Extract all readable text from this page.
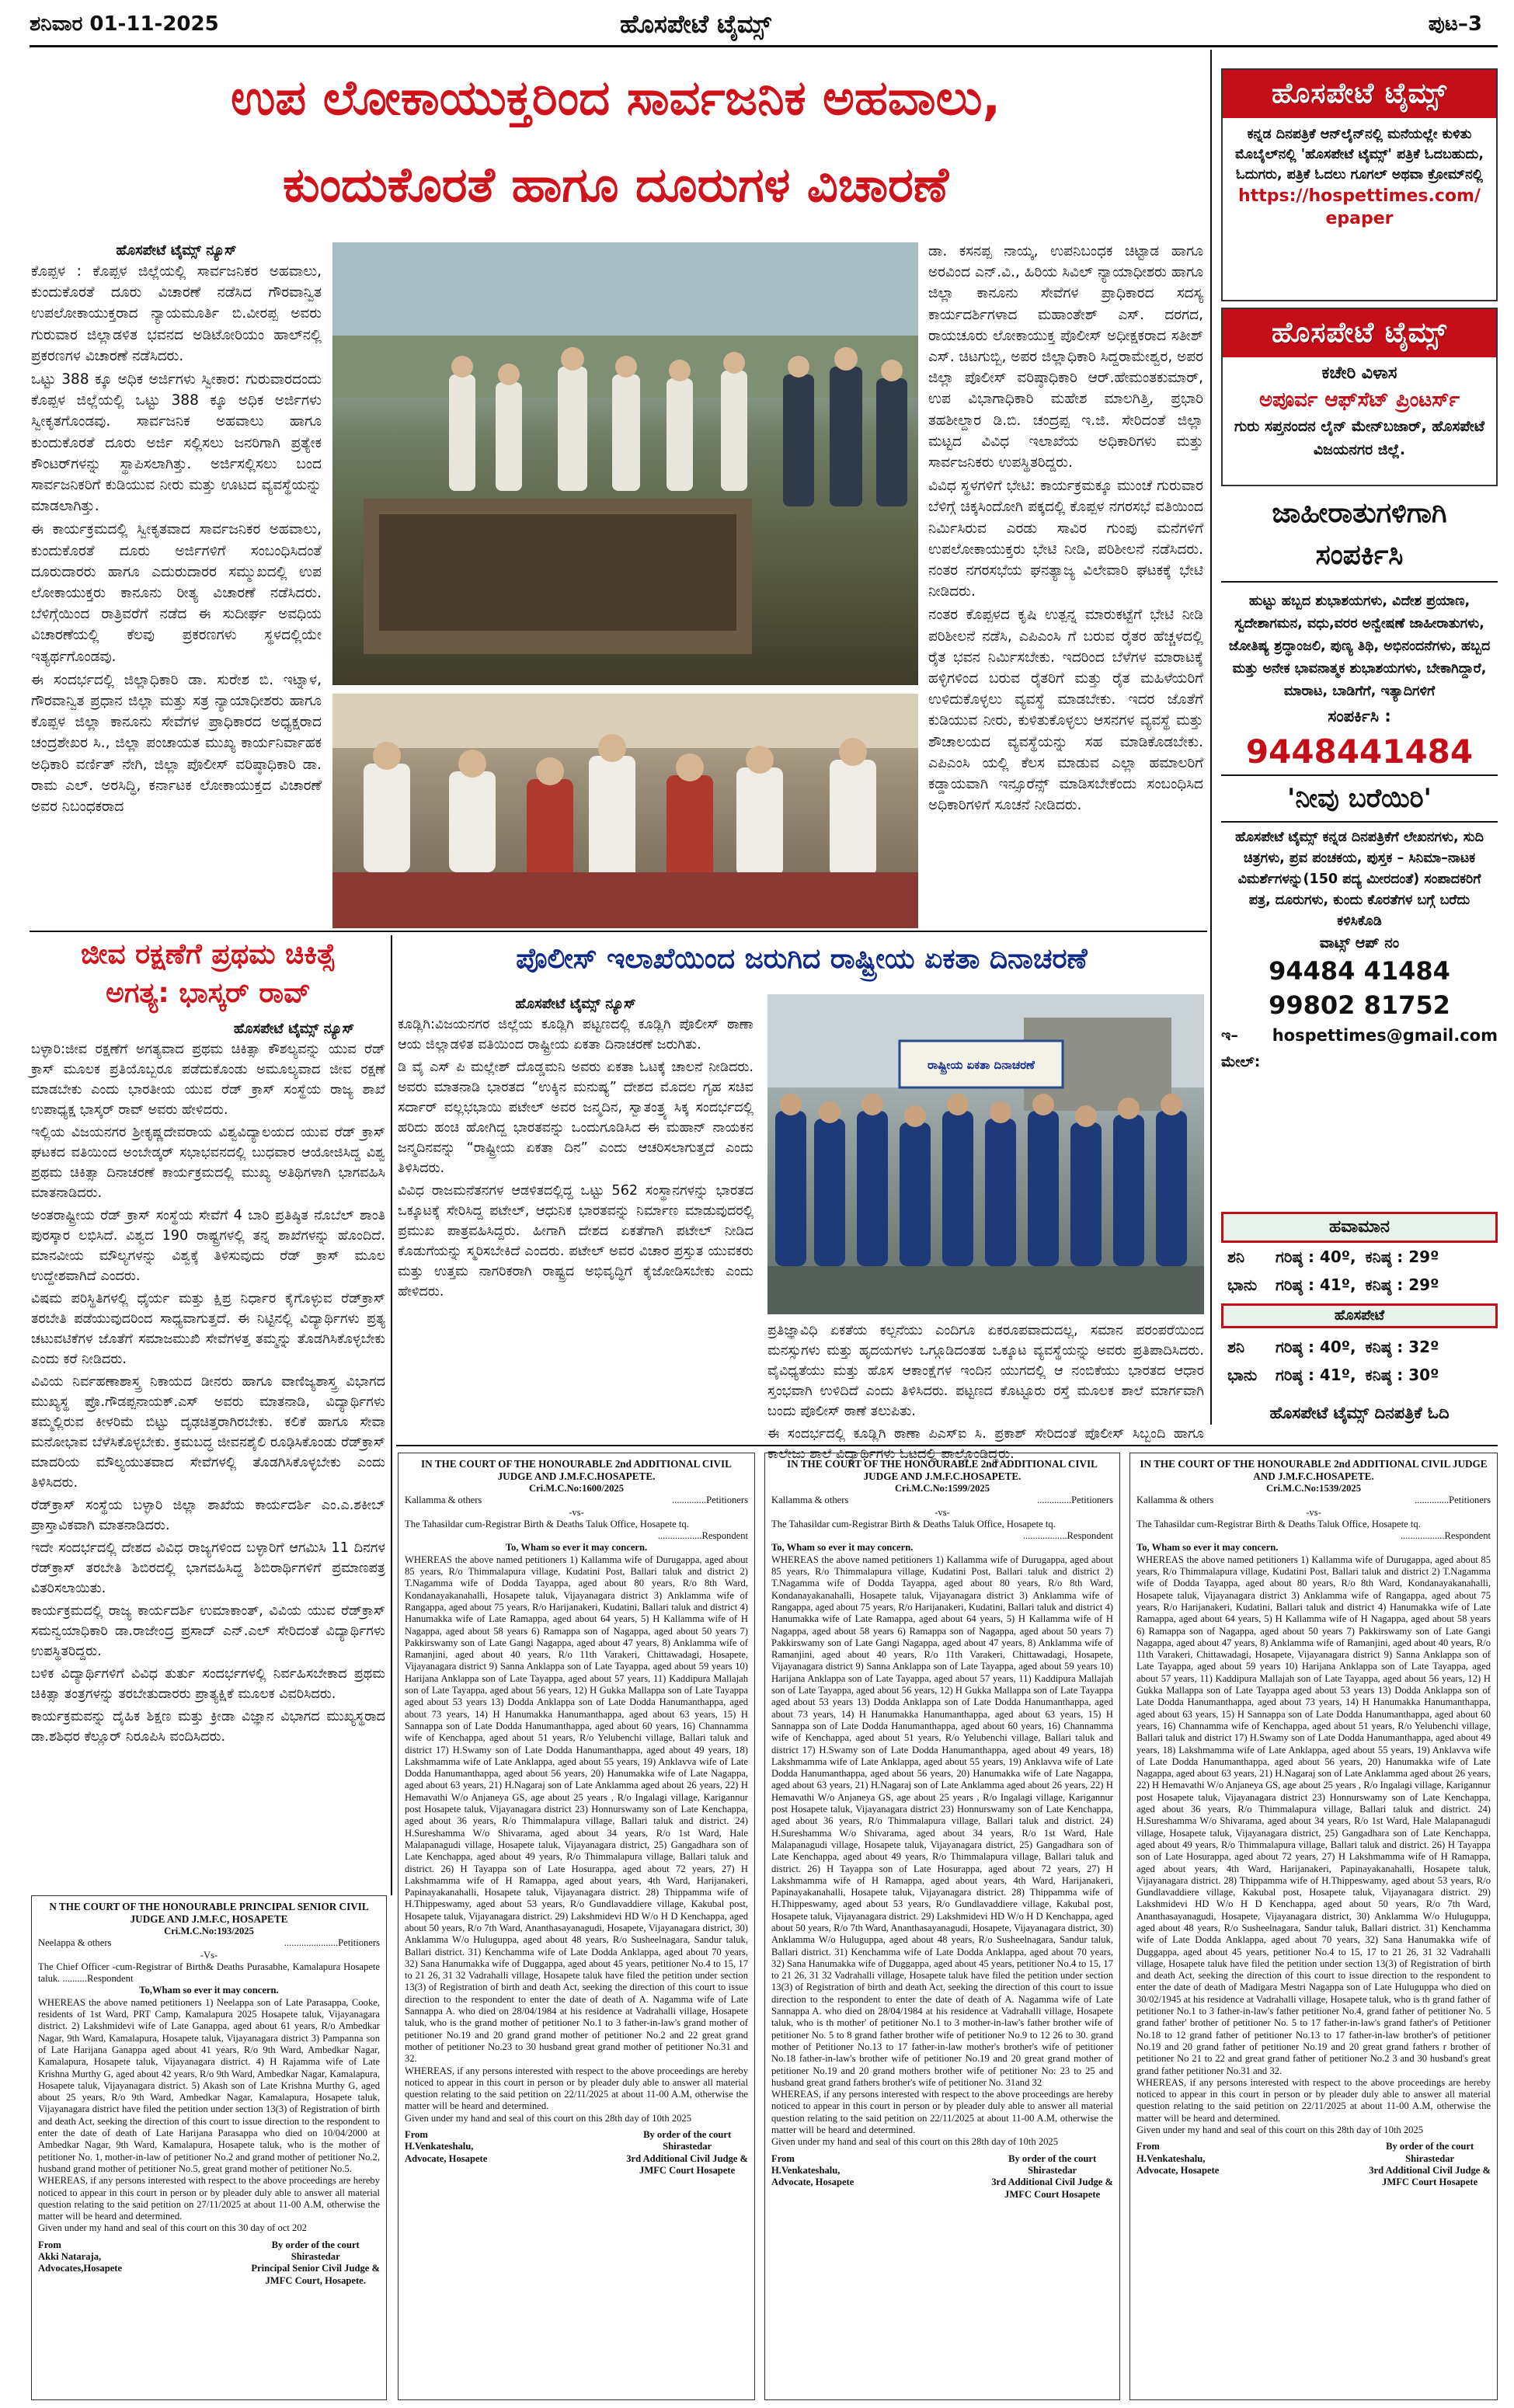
ಶನಿವಾರ 01-11-2025	ಹೊಸಪೇಟೆ ಟೈಮ್ಸ್	ಪುಟ–3
ಉಪ ಲೋಕಾಯುಕ್ತರಿಂದ ಸಾರ್ವಜನಿಕ ಅಹವಾಲು,
ಕುಂದುಕೊರತೆ ಹಾಗೂ ದೂರುಗಳ ವಿಚಾರಣೆ
ಹೊಸಪೇಟೆ ಟೈಮ್ಸ್ ನ್ಯೂಸ್

ಕೊಪ್ಪಳ : ಕೊಪ್ಪಳ ಜಿಲ್ಲೆಯಲ್ಲಿ ಸಾರ್ವಜನಿಕರ ಅಹವಾಲು, ಕುಂದುಕೊರತೆ ದೂರು ವಿಚಾರಣೆ ನಡೆಸಿದ ಗೌರವಾನ್ವಿತ ಉಪಲೋಕಾಯುಕ್ತರಾದ ನ್ಯಾಯಮೂರ್ತಿ ಬಿ.ವೀರಪ್ಪ ಅವರು ಗುರುವಾರ ಜಿಲ್ಲಾಡಳಿತ ಭವನದ ಅಡಿಟೋರಿಯಂ ಹಾಲ್‌ನಲ್ಲಿ ಪ್ರಕರಣಗಳ ವಿಚಾರಣೆ ನಡೆಸಿದರು.

ಒಟ್ಟು 388 ಕ್ಕೂ ಅಧಿಕ ಅರ್ಜಿಗಳು ಸ್ವೀಕಾರ: ಗುರುವಾರದಂದು ಕೊಪ್ಪಳ ಜಿಲ್ಲೆಯಲ್ಲಿ ಒಟ್ಟು 388 ಕ್ಕೂ ಅಧಿಕ ಅರ್ಜಿಗಳು ಸ್ವೀಕೃತಗೊಂಡವು. ಸಾರ್ವಜನಿಕ ಅಹವಾಲು ಹಾಗೂ ಕುಂದುಕೊರತೆ ದೂರು ಅರ್ಜಿ ಸಲ್ಲಿಸಲು ಜನರಿಗಾಗಿ ಪ್ರತ್ಯೇಕ ಕೌಂಟರ್‌ಗಳನ್ನು ಸ್ಥಾಪಿಸಲಾಗಿತ್ತು. ಅರ್ಜಿಸಲ್ಲಿಸಲು ಬಂದ ಸಾರ್ವಜನಿಕರಿಗೆ ಕುಡಿಯುವ ನೀರು ಮತ್ತು ಊಟದ ವ್ಯವಸ್ಥೆಯನ್ನು ಮಾಡಲಾಗಿತ್ತು.

ಈ ಕಾರ್ಯಕ್ರಮದಲ್ಲಿ ಸ್ವೀಕೃತವಾದ ಸಾರ್ವಜನಿಕರ ಅಹವಾಲು, ಕುಂದುಕೊರತೆ ದೂರು ಅರ್ಜಿಗಳಿಗೆ ಸಂಬಂಧಿಸಿದಂತೆ ದೂರುದಾರರು ಹಾಗೂ ಎದುರುದಾರರ ಸಮ್ಮುಖದಲ್ಲಿ ಉಪ ಲೋಕಾಯುಕ್ತರು ಕಾನೂನು ರೀತ್ಯ ವಿಚಾರಣೆ ನಡೆಸಿದರು. ಬೆಳಿಗ್ಗೆಯಿಂದ ರಾತ್ರಿವರೆಗೆ ನಡೆದ ಈ ಸುದೀರ್ಘ ಅವಧಿಯ ವಿಚಾರಣೆಯಲ್ಲಿ ಕೆಲವು ಪ್ರಕರಣಗಳು ಸ್ಥಳದಲ್ಲಿಯೇ ಇತ್ಯರ್ಥಗೊಂಡವು.

ಈ ಸಂದರ್ಭದಲ್ಲಿ ಜಿಲ್ಲಾಧಿಕಾರಿ ಡಾ. ಸುರೇಶ ಬಿ. ಇಟ್ನಾಳ, ಗೌರವಾನ್ವಿತ ಪ್ರಧಾನ ಜಿಲ್ಲಾ ಮತ್ತು ಸತ್ರ ನ್ಯಾಯಾಧೀಶರು ಹಾಗೂ ಕೊಪ್ಪಳ ಜಿಲ್ಲಾ ಕಾನೂನು ಸೇವೆಗಳ ಪ್ರಾಧಿಕಾರದ ಅಧ್ಯಕ್ಷರಾದ ಚಂದ್ರಶೇಖರ ಸಿ., ಜಿಲ್ಲಾ ಪಂಚಾಯತ ಮುಖ್ಯ ಕಾರ್ಯನಿರ್ವಾಹಕ ಅಧಿಕಾರಿ ವರ್ಣಿತ್ ನೇಗಿ, ಜಿಲ್ಲಾ ಪೊಲೀಸ್ ವರಿಷ್ಠಾಧಿಕಾರಿ ಡಾ. ರಾಮ ಎಲ್. ಅರಸಿದ್ಧಿ, ಕರ್ನಾಟಕ ಲೋಕಾಯುಕ್ತದ ವಿಚಾರಣೆ ಅವರ ನಿಬಂಧಕರಾದ

ಡಾ. ಕಸನಪ್ಪ ನಾಯ್ಕ, ಉಪನಿಬಂಧಕ ಚಿಟ್ಟಾಡ ಹಾಗೂ ಅರವಿಂದ ಎನ್.ವಿ., ಹಿರಿಯ ಸಿವಿಲ್ ನ್ಯಾಯಾಧೀಶರು ಹಾಗೂ ಜಿಲ್ಲಾ ಕಾನೂನು ಸೇವೆಗಳ ಪ್ರಾಧಿಕಾರದ ಸದಸ್ಯ ಕಾರ್ಯದರ್ಶಿಗಳಾದ ಮಹಾಂತೇಶ್ ಎಸ್. ದರಗದ, ರಾಯಚೂರು ಲೋಕಾಯುಕ್ತ ಪೊಲೀಸ್ ಅಧೀಕ್ಷಕರಾದ ಸತೀಶ್ ಎಸ್. ಚಿಟಗುಬ್ಬಿ, ಅಪರ ಜಿಲ್ಲಾಧಿಕಾರಿ ಸಿದ್ದರಾಮೇಶ್ವರ, ಅಪರ ಜಿಲ್ಲಾ ಪೊಲೀಸ್ ವರಿಷ್ಠಾಧಿಕಾರಿ ಆರ್.ಹೇಮಂತಕುಮಾರ್, ಉಪ ವಿಭಾಗಾಧಿಕಾರಿ ಮಹೇಶ ಮಾಲಗಿತ್ತಿ, ಪ್ರಭಾರಿ ತಹಶೀಲ್ದಾರ ಡಿ.ಬಿ. ಚಂದ್ರಪ್ಪ ಇ.ಜಿ. ಸೇರಿದಂತೆ ಜಿಲ್ಲಾ ಮಟ್ಟದ ವಿವಿಧ ಇಲಾಖೆಯ ಅಧಿಕಾರಿಗಳು ಮತ್ತು ಸಾರ್ವಜನಿಕರು ಉಪಸ್ಥಿತರಿದ್ದರು.

ವಿವಿಧ ಸ್ಥಳಗಳಿಗೆ ಭೇಟಿ: ಕಾರ್ಯಕ್ರಮಕ್ಕೂ ಮುಂಚೆ ಗುರುವಾರ ಬೆಳಿಗ್ಗೆ ಚಿಕ್ಕಸಿಂದೋಗಿ ಪಕ್ಕದಲ್ಲಿ ಕೊಪ್ಪಳ ನಗರಸಭೆ ವತಿಯಿಂದ ನಿರ್ಮಿಸಿರುವ ಎರಡು ಸಾವಿರ ಗುಂಪು ಮನೆಗಳಿಗೆ ಉಪಲೋಕಾಯುಕ್ತರು ಭೇಟಿ ನೀಡಿ, ಪರಿಶೀಲನೆ ನಡೆಸಿದರು. ನಂತರ ನಗರಸಭೆಯ ಘನತ್ಯಾಜ್ಯ ವಿಲೇವಾರಿ ಘಟಕಕ್ಕೆ ಭೇಟಿ ನೀಡಿದರು.

ನಂತರ ಕೊಪ್ಪಳದ ಕೃಷಿ ಉತ್ಪನ್ನ ಮಾರುಕಟ್ಟೆಗೆ ಭೇಟಿ ನೀಡಿ ಪರಿಶೀಲನೆ ನಡೆಸಿ, ಎಪಿಎಂಸಿ ಗೆ ಬರುವ ರೈತರ ಹೆಚ್ಚಳದಲ್ಲಿ ರೈತ ಭವನ ನಿರ್ಮಿಸಬೇಕು. ಇದರಿಂದ ಬೆಳೆಗಳ ಮಾರಾಟಕ್ಕೆ ಹಳ್ಳಿಗಳಿಂದ ಬರುವ ರೈತರಿಗೆ ಮತ್ತು ರೈತ ಮಹಿಳೆಯರಿಗೆ ಉಳಿದುಕೊಳ್ಳಲು ವ್ಯವಸ್ಥೆ ಮಾಡಬೇಕು. ಇದರ ಜೊತೆಗೆ ಕುಡಿಯುವ ನೀರು, ಕುಳಿತುಕೊಳ್ಳಲು ಆಸನಗಳ ವ್ಯವಸ್ಥೆ ಮತ್ತು ಶೌಚಾಲಯದ ವ್ಯವಸ್ಥೆಯನ್ನು ಸಹ ಮಾಡಿಕೊಡಬೇಕು. ಎಪಿಎಂಸಿ ಯಲ್ಲಿ ಕೆಲಸ ಮಾಡುವ ಎಲ್ಲಾ ಹಮಾಲರಿಗೆ ಕಡ್ಡಾಯವಾಗಿ ಇನ್ಸೂರೆನ್ಸ್ ಮಾಡಿಸಬೇಕೆಂದು ಸಂಬಂಧಿಸಿದ ಅಧಿಕಾರಿಗಳಿಗೆ ಸೂಚನೆ ನೀಡಿದರು.

ಜೀವ ರಕ್ಷಣೆಗೆ ಪ್ರಥಮ ಚಿಕಿತ್ಸೆ
ಅಗತ್ಯ: ಭಾಸ್ಕರ್ ರಾವ್
ಹೊಸಪೇಟೆ ಟೈಮ್ಸ್ ನ್ಯೂಸ್

ಬಳ್ಳಾರಿ:ಜೀವ ರಕ್ಷಣೆಗೆ ಅಗತ್ಯವಾದ ಪ್ರಥಮ ಚಿಕಿತ್ಸಾ ಕೌಶಲ್ಯವನ್ನು ಯುವ ರೆಡ್ ಕ್ರಾಸ್ ಮೂಲಕ ಪ್ರತಿಯೊಬ್ಬರೂ ಪಡೆದುಕೊಂಡು ಅಮೂಲ್ಯವಾದ ಜೀವ ರಕ್ಷಣೆ ಮಾಡಬೇಕು ಎಂದು ಭಾರತೀಯ ಯುವ ರೆಡ್ ಕ್ರಾಸ್ ಸಂಸ್ಥೆಯ ರಾಜ್ಯ ಶಾಖೆ ಉಪಾಧ್ಯಕ್ಷ ಭಾಸ್ಕರ್ ರಾವ್ ಅವರು ಹೇಳಿದರು.

ಇಲ್ಲಿಯ ವಿಜಯನಗರ ಶ್ರೀಕೃಷ್ಣದೇವರಾಯ ವಿಶ್ವವಿದ್ಯಾಲಯದ ಯುವ ರೆಡ್ ಕ್ರಾಸ್ ಘಟಕದ ವತಿಯಿಂದ ಅಂಬೇಡ್ಕರ್ ಸಭಾಭವನದಲ್ಲಿ ಬುಧವಾರ ಆಯೋಜಿಸಿದ್ದ ವಿಶ್ವ ಪ್ರಥಮ ಚಿಕಿತ್ಸಾ ದಿನಾಚರಣೆ ಕಾರ್ಯಕ್ರಮದಲ್ಲಿ ಮುಖ್ಯ ಅತಿಥಿಗಳಾಗಿ ಭಾಗವಹಿಸಿ ಮಾತನಾಡಿದರು.

ಅಂತರಾಷ್ಟ್ರೀಯ ರೆಡ್ ಕ್ರಾಸ್ ಸಂಸ್ಥೆಯ ಸೇವೆಗೆ 4 ಬಾರಿ ಪ್ರತಿಷ್ಠಿತ ನೊಬೆಲ್ ಶಾಂತಿ ಪುರಸ್ಕಾರ ಲಭಿಸಿದೆ. ವಿಶ್ವದ 190 ರಾಷ್ಟ್ರಗಳಲ್ಲಿ ತನ್ನ ಶಾಖೆಗಳನ್ನು ಹೊಂದಿದೆ. ಮಾನವೀಯ ಮೌಲ್ಯಗಳನ್ನು ವಿಶ್ವಕ್ಕೆ ತಿಳಿಸುವುದು ರೆಡ್ ಕ್ರಾಸ್ ಮೂಲ ಉದ್ದೇಶವಾಗಿದೆ ಎಂದರು.

ವಿಷಮ ಪರಿಸ್ಥಿತಿಗಳಲ್ಲಿ ಧೈರ್ಯ ಮತ್ತು ಕ್ಷಿಪ್ರ ನಿರ್ಧಾರ ಕೈಗೊಳ್ಳುವ ರೆಡ್‌ಕ್ರಾಸ್ ತರಬೇತಿ ಪಡೆಯುವುದರಿಂದ ಸಾಧ್ಯವಾಗುತ್ತದೆ. ಈ ನಿಟ್ಟಿನಲ್ಲಿ ವಿದ್ಯಾರ್ಥಿಗಳು ಪ್ರತ್ಯ ಚಟುವಟಿಕೆಗಳ ಜೊತೆಗೆ ಸಮಾಜಮುಖಿ ಸೇವೆಗಳತ್ತ ತಮ್ಮನ್ನು ತೊಡಗಿಸಿಕೊಳ್ಳಬೇಕು ಎಂದು ಕರೆ ನೀಡಿದರು.

ವಿವಿಯ ನಿರ್ವಹಣಾಶಾಸ್ತ್ರ ನಿಕಾಯದ ಡೀನರು ಹಾಗೂ ವಾಣಿಜ್ಯಶಾಸ್ತ್ರ ವಿಭಾಗದ ಮುಖ್ಯಸ್ಥ ಪ್ರೊ.ಗೌಡಪ್ಪನಾಯಕ್.ಎಸ್ ಅವರು ಮಾತನಾಡಿ, ವಿದ್ಯಾರ್ಥಿಗಳು ತಮ್ಮಲ್ಲಿರುವ ಕೀಳರಿಮೆ ಬಿಟ್ಟು ದೃಢಚಿತ್ತರಾಗಿರಬೇಕು. ಕಲಿಕೆ ಹಾಗೂ ಸೇವಾ ಮನೋಭಾವ ಬೆಳೆಸಿಕೊಳ್ಳಬೇಕು. ಕ್ರಮಬದ್ಧ ಜೀವನಶೈಲಿ ರೂಢಿಸಿಕೊಂಡು ರೆಡ್‌ಕ್ರಾಸ್ ಮಾದರಿಯ ಮೌಲ್ಯಯುತವಾದ ಸೇವೆಗಳಲ್ಲಿ ತೊಡಗಿಸಿಕೊಳ್ಳಬೇಕು ಎಂದು ತಿಳಿಸಿದರು.

ರೆಡ್‌ಕ್ರಾಸ್ ಸಂಸ್ಥೆಯ ಬಳ್ಳಾರಿ ಜಿಲ್ಲಾ ಶಾಖೆಯ ಕಾರ್ಯದರ್ಶಿ ಎಂ.ಎ.ಶಕೀಬ್ ಪ್ರಾಸ್ತಾವಿಕವಾಗಿ ಮಾತನಾಡಿದರು.

ಇದೇ ಸಂದರ್ಭದಲ್ಲಿ ದೇಶದ ವಿವಿಧ ರಾಜ್ಯಗಳಿಂದ ಬಳ್ಳಾರಿಗೆ ಆಗಮಿಸಿ 11 ದಿನಗಳ ರೆಡ್‌ಕ್ರಾಸ್ ತರಬೇತಿ ಶಿಬಿರದಲ್ಲಿ ಭಾಗವಹಿಸಿದ್ದ ಶಿಬಿರಾರ್ಥಿಗಳಿಗೆ ಪ್ರಮಾಣಪತ್ರ ವಿತರಿಸಲಾಯಿತು.

ಕಾರ್ಯಕ್ರಮದಲ್ಲಿ ರಾಜ್ಯ ಕಾರ್ಯದರ್ಶಿ ಉಮಾಕಾಂತ್, ವಿವಿಯ ಯುವ ರೆಡ್‌ಕ್ರಾಸ್ ಸಮನ್ವಯಾಧಿಕಾರಿ ಡಾ.ರಾಜೇಂದ್ರ ಪ್ರಸಾದ್ ಎನ್.ಎಲ್ ಸೇರಿದಂತೆ ವಿದ್ಯಾರ್ಥಿಗಳು ಉಪಸ್ಥಿತರಿದ್ದರು.

ಬಳಿಕ ವಿದ್ಯಾರ್ಥಿಗಳಿಗೆ ವಿವಿಧ ತುರ್ತು ಸಂದರ್ಭಗಳಲ್ಲಿ ನಿರ್ವಹಿಸಬೇಕಾದ ಪ್ರಥಮ ಚಿಕಿತ್ಸಾ ತಂತ್ರಗಳನ್ನು ತರಬೇತುದಾರರು ಪ್ರಾತ್ಯಕ್ಷಿಕೆ ಮೂಲಕ ವಿವರಿಸಿದರು.

ಕಾರ್ಯಕ್ರಮವನ್ನು ದೈಹಿಕ ಶಿಕ್ಷಣ ಮತ್ತು ಕ್ರೀಡಾ ವಿಜ್ಞಾನ ವಿಭಾಗದ ಮುಖ್ಯಸ್ಥರಾದ ಡಾ.ಶಶಿಧರ ಕೆಲ್ಲೂರ್ ನಿರೂಪಿಸಿ ವಂದಿಸಿದರು.

ಪೊಲೀಸ್ ಇಲಾಖೆಯಿಂದ ಜರುಗಿದ ರಾಷ್ಟ್ರೀಯ ಏಕತಾ ದಿನಾಚರಣೆ
ಹೊಸಪೇಟೆ ಟೈಮ್ಸ್ ನ್ಯೂಸ್

ಕೂಡ್ಲಿಗಿ:ವಿಜಯನಗರ ಜಿಲ್ಲೆಯ ಕೂಡ್ಲಿಗಿ ಪಟ್ಟಣದಲ್ಲಿ ಕೂಡ್ಲಿಗಿ ಪೊಲೀಸ್ ಠಾಣಾ ಆಯ ಜಿಲ್ಲಾಡಳಿತ ವತಿಯಿಂದ ರಾಷ್ಟ್ರೀಯ ಏಕತಾ ದಿನಾಚರಣೆ ಜರುಗಿತು.

ಡಿ ವೈ ಎಸ್ ಪಿ ಮಲ್ಲೇಶ್ ದೊಡ್ಡಮನಿ ಅವರು ಏಕತಾ ಓಟಕ್ಕೆ ಚಾಲನೆ ನೀಡಿದರು. ಅವರು ಮಾತನಾಡಿ ಭಾರತದ “ಉಕ್ಕಿನ ಮನುಷ್ಯ” ದೇಶದ ಮೊದಲ ಗೃಹ ಸಚಿವ ಸರ್ದಾರ್ ವಲ್ಲಭಭಾಯಿ ಪಟೇಲ್ ಅವರ ಜನ್ಮದಿನ, ಸ್ವಾತಂತ್ರ್ಯ ಸಿಕ್ಕ ಸಂದರ್ಭದಲ್ಲಿ ಹರಿದು ಹಂಚಿ ಹೋಗಿದ್ದ ಭಾರತವನ್ನು ಒಂದುಗೂಡಿಸಿದ ಈ ಮಹಾನ್ ನಾಯಕನ ಜನ್ಮದಿನವನ್ನು “ರಾಷ್ಟ್ರೀಯ ಏಕತಾ ದಿನ” ಎಂದು ಆಚರಿಸಲಾಗುತ್ತದೆ ಎಂದು ತಿಳಿಸಿದರು.

ವಿವಿಧ ರಾಜಮನೆತನಗಳ ಆಡಳಿತದಲ್ಲಿದ್ದ ಒಟ್ಟು 562 ಸಂಸ್ಥಾನಗಳನ್ನು ಭಾರತದ ಒಕ್ಕೂಟಕ್ಕೆ ಸೇರಿಸಿದ್ದ ಪಟೇಲ್, ಆಧುನಿಕ ಭಾರತವನ್ನು ನಿರ್ಮಾಣ ಮಾಡುವುದರಲ್ಲಿ ಪ್ರಮುಖ ಪಾತ್ರವಹಿಸಿದ್ದರು. ಹೀಗಾಗಿ ದೇಶದ ಏಕತೆಗಾಗಿ ಪಟೇಲ್ ನೀಡಿದ ಕೊಡುಗೆಯನ್ನು ಸ್ಮರಿಸಬೇಕಿದೆ ಎಂದರು. ಪಟೇಲ್ ಅವರ ವಿಚಾರ ಪ್ರಸ್ತುತ ಯುವಕರು ಮತ್ತು ಉತ್ತಮ ನಾಗರಿಕರಾಗಿ ರಾಷ್ಟ್ರದ ಅಭಿವೃದ್ಧಿಗೆ ಕೈಜೋಡಿಸಬೇಕು ಎಂದು ಹೇಳಿದರು.

ರಾಷ್ಟ್ರೀಯ ಏಕತಾ ದಿನಾಚರಣೆ

ಪ್ರತಿಜ್ಞಾವಿಧಿ ಏಕತೆಯ ಕಲ್ಪನೆಯು ಎಂದಿಗೂ ಏಕರೂಪವಾದುದಲ್ಲ, ಸಮಾನ ಪರಂಪರೆಯಿಂದ ಮನಸ್ಸುಗಳು ಮತ್ತು ಹೃದಯಗಳು ಒಗ್ಗೂಡಿದಂತಹ ಒಕ್ಕೂಟ ವ್ಯವಸ್ಥೆಯನ್ನು ಅವರು ಪ್ರತಿಪಾದಿಸಿದರು. ವೈವಿಧ್ಯತೆಯು ಮತ್ತು ಹೊಸ ಆಕಾಂಕ್ಷೆಗಳ ಇಂದಿನ ಯುಗದಲ್ಲಿ ಆ ನಂಬಿಕೆಯು ಭಾರತದ ಆಧಾರ ಸ್ತಂಭವಾಗಿ ಉಳಿದಿದೆ ಎಂದು ತಿಳಿಸಿದರು. ಪಟ್ಟಣದ ಕೊಟ್ಟೂರು ರಸ್ತೆ ಮೂಲಕ ಶಾಲೆ ಮಾರ್ಗವಾಗಿ ಬಂದು ಪೊಲೀಸ್ ಠಾಣೆ ತಲುಪಿತು.

ಈ ಸಂದರ್ಭದಲ್ಲಿ ಕೂಡ್ಲಿಗಿ ಠಾಣಾ ಪಿಎಸ್‌ಐ ಸಿ. ಪ್ರಕಾಶ್ ಸೇರಿದಂತೆ ಪೊಲೀಸ್ ಸಿಬ್ಬಂದಿ ಹಾಗೂ ಕಾಲೇಜು ಶಾಲೆ ವಿದ್ಯಾರ್ಥಿಗಳು ಓಟದಲ್ಲಿ ಪಾಲ್ಗೊಂಡಿದ್ದರು.

ಹೊಸಪೇಟೆ ಟೈಮ್ಸ್
ಕನ್ನಡ ದಿನಪತ್ರಿಕೆ ಆನ್‌ಲೈನ್‌ನಲ್ಲಿ ಮನೆಯಲ್ಲೇ ಕುಳಿತು ಮೊಬೈಲ್‌ನಲ್ಲಿ 'ಹೊಸಪೇಟೆ ಟೈಮ್ಸ್' ಪತ್ರಿಕೆ ಓದಬಹುದು, ಓದುಗರು, ಪತ್ರಿಕೆ ಓದಲು ಗೂಗಲ್ ಅಥವಾ ಕ್ರೋಮ್‌ನಲ್ಲಿ
https://hospettimes.com/
epaper
ಹೊಸಪೇಟೆ ಟೈಮ್ಸ್
ಕಚೇರಿ ವಿಳಾಸ
ಅಪೂರ್ವ ಆಫ್‌ಸೆಟ್ ಪ್ರಿಂಟರ್ಸ್
ಗುರು ಸಪ್ತನಂದನ ಲೈನ್ ಮೇನ್‌ಬಜಾರ್, ಹೊಸಪೇಟೆ ವಿಜಯನಗರ ಜಿಲ್ಲೆ.
ಜಾಹೀರಾತುಗಳಿಗಾಗಿ
ಸಂಪರ್ಕಿಸಿ
ಹುಟ್ಟು ಹಬ್ಬದ ಶುಭಾಶಯಗಳು, ವಿದೇಶ ಪ್ರಯಾಣ, ಸ್ವದೇಶಾಗಮನ, ವಧು,ವರರ ಅನ್ವೇಷಣೆ ಜಾಹೀರಾತುಗಳು, ಜೋತಿಷ್ಯ ಶ್ರದ್ಧಾಂಜಲಿ, ಪುಣ್ಯ ತಿಥಿ, ಅಭಿನಂದನೆಗಳು, ಹಬ್ಬದ ಮತ್ತು ಅನೇಕ ಭಾವನಾತ್ಮಕ ಶುಭಾಶಯಗಳು, ಬೇಕಾಗಿದ್ದಾರೆ, ಮಾರಾಟ, ಬಾಡಿಗೆಗೆ, ಇತ್ಯಾದಿಗಳಿಗೆ
ಸಂಪರ್ಕಿಸಿ :
9448441484
'ನೀವು ಬರೆಯಿರಿ'
ಹೊಸಪೇಟೆ ಟೈಮ್ಸ್ ಕನ್ನಡ ದಿನಪತ್ರಿಕೆಗೆ ಲೇಖನಗಳು, ಸುದಿ ಚಿತ್ರಗಳು, ಪ್ರವ ಪಂಚಕಯ, ಪುಸ್ತಕ – ಸಿನಿಮಾ–ನಾಟಕ ವಿಮರ್ಶೆಗಳನ್ನು(150 ಪದ್ಯ ಮೀರದಂತೆ) ಸಂಪಾದಕರಿಗೆ ಪತ್ರ, ದೂರುಗಳು, ಕುಂದು ಕೊರತೆಗಳ ಬಗ್ಗೆ ಬರೆದು ಕಳಿಸಿಕೊಡಿ
ವಾಟ್ಸ್ ಆಪ್ ನಂ
94484 41484
99802 81752
ಇ–ಮೇಲ್:
hospettimes@gmail.com
ಹವಾಮಾನ
ಶನಿ	ಗರಿಷ್ಠ : 40º, ಕನಿಷ್ಠ : 29º
ಭಾನು	ಗರಿಷ್ಠ : 41º, ಕನಿಷ್ಠ : 29º
ಹೊಸಪೇಟೆ
ಶನಿ	ಗರಿಷ್ಠ : 40º, ಕನಿಷ್ಠ : 32º
ಭಾನು	ಗರಿಷ್ಠ : 41º, ಕನಿಷ್ಠ : 30º
ಹೊಸಪೇಟೆ ಟೈಮ್ಸ್ ದಿನಪತ್ರಿಕೆ ಓದಿ
N THE COURT OF THE HONOURABLE PRINCIPAL SENIOR CIVIL JUDGE AND J.M.F.C, HOSAPETE
Cri.M.C.No:193/2025
Neelappa & others	......................Petitioners
-Vs-
The Chief Officer -cum-Registrar of Birth& Deaths Purasabhe, Kamalapura Hosapete taluk. ..........Respondent
To,Wham so ever it may concern.
WHEREAS the above named petitioners 1) Neelappa son of Late Parasappa, Cooke, residents of 1st Ward, PRT Camp, Kamalapura 2025 Hosapete taluk, Vijayanagara district. 2) Lakshmidevi wife of Late Ganappa, aged about 61 years, R/o Ambedkar Nagar, 9th Ward, Kamalapura, Hosapete taluk, Vijayanagara district 3) Pampanna son of Late Harijana Ganappa aged about 41 years, R/o 9th Ward, Ambedkar Nagar, Kamalapura, Hosapete taluk, Vijayanagara district. 4) H Rajamma wife of Late Krishna Murthy G, aged about 42 years, R/o 9th Ward, Ambedkar Nagar, Kamalapura, Hosapete taluk, Vijayanagara district. 5) Akash son of Late Krishna Murthy G, aged about 25 years, R/o 9th Ward, Ambedkar Nagar, Kamalapura, Hosapete taluk, Vijayanagara district have filed the petition under section 13(3) of Registration of birth and death Act, seeking the direction of this court to issue direction to the respondent to enter the date of death of Late Harijana Parasappa who died on 10/04/2000 at Ambedkar Nagar, 9th Ward, Kamalapura, Hosapete taluk, who is the mother of petitioner No. 1, mother-in-law of petitioner No.2 and grand mother of petitioner No.2, husband grand mother of petitioner No.5, great grand mother of petitioner No.5.
WHEREAS, if any persons interested with respect to the above proceedings are hereby noticed to appear in this court in person or by pleader duly able to answer all material question relating to the said petition on 27/11/2025 at about 11-00 A.M, otherwise the matter will be heard and determined.
Given under my hand and seal of this court on this 30 day of oct 202
From
Akki Nataraja,
Advocates,Hosapete
By order of the court
Shirastedar
Principal Senior Civil Judge &
JMFC Court, Hosapete.
IN THE COURT OF THE HONOURABLE 2nd ADDITIONAL CIVIL JUDGE AND J.M.F.C.HOSAPETE.
Cri.M.C.No:1600/2025
Kallamma & others	..............Petitioners
-vs-
The Tahasildar cum-Registrar Birth & Deaths Taluk Office, Hosapete tq.
..................Respondent
To, Wham so ever it may concern.
WHEREAS the above named petitioners 1) Kallamma wife of Durugappa, aged about 85 years, R/o Thimmalapura village, Kudatini Post, Ballari taluk and district 2) T.Nagamma wife of Dodda Tayappa, aged about 80 years, R/o 8th Ward, Kondanayakanahalli, Hosapete taluk, Vijayanagara district 3) Anklamma wife of Rangappa, aged about 75 years, R/o Harijanakeri, Kudatini, Ballari taluk and district 4) Hanumakka wife of Late Ramappa, aged about 64 years, 5) H Kallamma wife of H Nagappa, aged about 58 years 6) Ramappa son of Nagappa, aged about 50 years 7) Pakkirswamy son of Late Gangi Nagappa, aged about 47 years, 8) Anklamma wife of Ramanjini, aged about 40 years, R/o 11th Varakeri, Chittawadagi, Hosapete, Vijayanagara district 9) Sanna Anklappa son of Late Tayappa, aged about 59 years 10) Harijana Anklappa son of Late Tayappa, aged about 57 years, 11) Kaddipura Mallajah son of Late Tayappa, aged about 56 years, 12) H Gukka Mallappa son of Late Tayappa aged about 53 years 13) Dodda Anklappa son of Late Dodda Hanumanthappa, aged about 73 years, 14) H Hanumakka Hanumanthappa, aged about 63 years, 15) H Sannappa son of Late Dodda Hanumanthappa, aged about 60 years, 16) Channamma wife of Kenchappa, aged about 51 years, R/o Yelubenchi village, Ballari taluk and district 17) H.Swamy son of Late Dodda Hanumanthappa, aged about 49 years, 18) Lakshmamma wife of Late Anklappa, aged about 55 years, 19) Anklavva wife of Late Dodda Hanumanthappa, aged about 56 years, 20) Hanumakka wife of Late Nagappa, aged about 63 years, 21) H.Nagaraj son of Late Anklamma aged about 26 years, 22) H Hemavathi W/o Anjaneya GS, age about 25 years , R/o Ingalagi village, Karigannur post Hosapete taluk, Vijayanagara district 23) Honnurswamy son of Late Kenchappa, aged about 36 years, R/o Thimmalapura village, Ballari taluk and district. 24) H.Sureshamma W/o Shivarama, aged about 34 years, R/o 1st Ward, Hale Malapanagudi village, Hosapete taluk, Vijayanagara district, 25) Gangadhara son of Late Kenchappa, aged about 49 years, R/o Thimmalapura village, Ballari taluk and district. 26) H Tayappa son of Late Hosurappa, aged about 72 years, 27) H Lakshmamma wife of H Ramappa, aged about years, 4th Ward, Harijanakeri, Papinayakanahalli, Hosapete taluk, Vijayanagara district. 28) Thippamma wife of H.Thippeswamy, aged about 53 years, R/o Gundlavaddiere village, Kakubal post, Hosapete taluk, Vijayanagara district. 29) Lakshmidevi HD W/o H D Kenchappa, aged about 50 years, R/o 7th Ward, Ananthasayanagudi, Hosapete, Vijayanagara district, 30) Anklamma W/o Huluguppa, aged about 48 years, R/o Susheelnagara, Sandur taluk, Ballari district. 31) Kenchamma wife of Late Dodda Anklappa, aged about 70 years, 32) Sana Hanumakka wife of Duggappa, aged about 45 years, petitioner No.4 to 15, 17 to 21 26, 31 32 Vadrahalli village, Hosapete taluk have filed the petition under section 13(3) of Registration of birth and death Act, seeking the direction of this court to issue direction to the respondent to enter the date of death of A. Nagamma wife of Late Sannappa A. who died on 28/04/1984 at his residence at Vadrahalli village, Hosapete taluk, who is the grand mother of petitioner No.1 to 3 father-in-law's grand mother of petitioner No.19 and 20 grand grand mother of petitioner No.2 and 22 great grand mother of petitioner No.23 to 30 husband great grand mother of petitioner No.31 and 32.
WHEREAS, if any persons interested with respect to the above proceedings are hereby noticed to appear in this court in person or by pleader duly able to answer all material question relating to the said petition on 22/11/2025 at about 11-00 A.M, otherwise the matter will be heard and determined.
Given under my hand and seal of this court on this 28th day of 10th 2025
From
H.Venkateshalu,
Advocate, Hosapete
By order of the court
Shirastedar
3rd Additional Civil Judge &
JMFC Court Hosapete
IN THE COURT OF THE HONOURABLE 2nd ADDITIONAL CIVIL JUDGE AND J.M.F.C.HOSAPETE.
Cri.M.C.No:1599/2025
Kallamma & others	..............Petitioners
-vs-
The Tahasildar cum-Registrar Birth & Deaths Taluk Office, Hosapete tq.
..................Respondent
To, Wham so ever it may concern.
WHEREAS the above named petitioners 1) Kallamma wife of Durugappa, aged about 85 years, R/o Thimmalapura village, Kudatini Post, Ballari taluk and district 2) T.Nagamma wife of Dodda Tayappa, aged about 80 years, R/o 8th Ward, Kondanayakanahalli, Hosapete taluk, Vijayanagara district 3) Anklamma wife of Rangappa, aged about 75 years, R/o Harijanakeri, Kudatini, Ballari taluk and district 4) Hanumakka wife of Late Ramappa, aged about 64 years, 5) H Kallamma wife of H Nagappa, aged about 58 years 6) Ramappa son of Nagappa, aged about 50 years 7) Pakkirswamy son of Late Gangi Nagappa, aged about 47 years, 8) Anklamma wife of Ramanjini, aged about 40 years, R/o 11th Varakeri, Chittawadagi, Hosapete, Vijayanagara district 9) Sanna Anklappa son of Late Tayappa, aged about 59 years 10) Harijana Anklappa son of Late Tayappa, aged about 57 years, 11) Kaddipura Mallajah son of Late Tayappa, aged about 56 years, 12) H Gukka Mallappa son of Late Tayappa aged about 53 years 13) Dodda Anklappa son of Late Dodda Hanumanthappa, aged about 73 years, 14) H Hanumakka Hanumanthappa, aged about 63 years, 15) H Sannappa son of Late Dodda Hanumanthappa, aged about 60 years, 16) Channamma wife of Kenchappa, aged about 51 years, R/o Yelubenchi village, Ballari taluk and district 17) H.Swamy son of Late Dodda Hanumanthappa, aged about 49 years, 18) Lakshmamma wife of Late Anklappa, aged about 55 years, 19) Anklavva wife of Late Dodda Hanumanthappa, aged about 56 years, 20) Hanumakka wife of Late Nagappa, aged about 63 years, 21) H.Nagaraj son of Late Anklamma aged about 26 years, 22) H Hemavathi W/o Anjaneya GS, age about 25 years , R/o Ingalagi village, Karigannur post Hosapete taluk, Vijayanagara district 23) Honnurswamy son of Late Kenchappa, aged about 36 years, R/o Thimmalapura village, Ballari taluk and district. 24) H.Sureshamma W/o Shivarama, aged about 34 years, R/o 1st Ward, Hale Malapanagudi village, Hosapete taluk, Vijayanagara district, 25) Gangadhara son of Late Kenchappa, aged about 49 years, R/o Thimmalapura village, Ballari taluk and district. 26) H Tayappa son of Late Hosurappa, aged about 72 years, 27) H Lakshmamma wife of H Ramappa, aged about years, 4th Ward, Harijanakeri, Papinayakanahalli, Hosapete taluk, Vijayanagara district. 28) Thippamma wife of H.Thippeswamy, aged about 53 years, R/o Gundlavaddiere village, Kakubal post, Hosapete taluk, Vijayanagara district. 29) Lakshmidevi HD W/o H D Kenchappa, aged about 50 years, R/o 7th Ward, Ananthasayanagudi, Hosapete, Vijayanagara district, 30) Anklamma W/o Huluguppa, aged about 48 years, R/o Susheelnagara, Sandur taluk, Ballari district. 31) Kenchamma wife of Late Dodda Anklappa, aged about 70 years, 32) Sana Hanumakka wife of Duggappa, aged about 45 years, petitioner No.4 to 15, 17 to 21 26, 31 32 Vadrahalli village, Hosapete taluk have filed the petition under section 13(3) of Registration of birth and death Act, seeking the direction of this court to issue direction to the respondent to enter the date of death of A. Nagamma wife of Late Sannappa A. who died on 28/04/1984 at his residence at Vadrahalli village, Hosapete taluk, who is th mother' of petitioner No.1 to 3 mother-in-law's father brother wife of petitioner No. 5 to 8 grand father brother wife of petitioner No.9 to 12 26 to 30. grand mother of Petitioner No.13 to 17 father-in-law mother's brother's wife of petitioner No.18 father-in-law's brother wife of petitioner No.19 and 20 great grand mother of petitioner No.19 and 20 grand mothers brother wife of petitioner No: 23 to 25 and husband great grand fathers brother's wife of petitioner No. 31and 32
WHEREAS, if any persons interested with respect to the above proceedings are hereby noticed to appear in this court in person or by pleader duly able to answer all material question relating to the said petition on 22/11/2025 at about 11-00 A.M, otherwise the matter will be heard and determined.
Given under my hand and seal of this court on this 28th day of 10th 2025
From
H.Venkateshalu,
Advocate, Hosapete
By order of the court
Shirastedar
3rd Additional Civil Judge &
JMFC Court Hosapete
IN THE COURT OF THE HONOURABLE 2nd ADDITIONAL CIVIL JUDGE AND J.M.F.C.HOSAPETE.
Cri.M.C.No:1539/2025
Kallamma & others	..............Petitioners
-vs-
The Tahasildar cum-Registrar Birth & Deaths Taluk Office, Hosapete tq.
..................Respondent
To, Wham so ever it may concern.
WHEREAS the above named petitioners 1) Kallamma wife of Durugappa, aged about 85 years, R/o Thimmalapura village, Kudatini Post, Ballari taluk and district 2) T.Nagamma wife of Dodda Tayappa, aged about 80 years, R/o 8th Ward, Kondanayakanahalli, Hosapete taluk, Vijayanagara district 3) Anklamma wife of Rangappa, aged about 75 years, R/o Harijanakeri, Kudatini, Ballari taluk and district 4) Hanumakka wife of Late Ramappa, aged about 64 years, 5) H Kallamma wife of H Nagappa, aged about 58 years 6) Ramappa son of Nagappa, aged about 50 years 7) Pakkirswamy son of Late Gangi Nagappa, aged about 47 years, 8) Anklamma wife of Ramanjini, aged about 40 years, R/o 11th Varakeri, Chittawadagi, Hosapete, Vijayanagara district 9) Sanna Anklappa son of Late Tayappa, aged about 59 years 10) Harijana Anklappa son of Late Tayappa, aged about 57 years, 11) Kaddipura Mallajah son of Late Tayappa, aged about 56 years, 12) H Gukka Mallappa son of Late Tayappa aged about 53 years 13) Dodda Anklappa son of Late Dodda Hanumanthappa, aged about 73 years, 14) H Hanumakka Hanumanthappa, aged about 63 years, 15) H Sannappa son of Late Dodda Hanumanthappa, aged about 60 years, 16) Channamma wife of Kenchappa, aged about 51 years, R/o Yelubenchi village, Ballari taluk and district 17) H.Swamy son of Late Dodda Hanumanthappa, aged about 49 years, 18) Lakshmamma wife of Late Anklappa, aged about 55 years, 19) Anklavva wife of Late Dodda Hanumanthappa, aged about 56 years, 20) Hanumakka wife of Late Nagappa, aged about 63 years, 21) H.Nagaraj son of Late Anklamma aged about 26 years, 22) H Hemavathi W/o Anjaneya GS, age about 25 years , R/o Ingalagi village, Karigannur post Hosapete taluk, Vijayanagara district 23) Honnurswamy son of Late Kenchappa, aged about 36 years, R/o Thimmalapura village, Ballari taluk and district. 24) H.Sureshamma W/o Shivarama, aged about 34 years, R/o 1st Ward, Hale Malapanagudi village, Hosapete taluk, Vijayanagara district, 25) Gangadhara son of Late Kenchappa, aged about 49 years, R/o Thimmalapura village, Ballari taluk and district. 26) H Tayappa son of Late Hosurappa, aged about 72 years, 27) H Lakshmamma wife of H Ramappa, aged about years, 4th Ward, Harijanakeri, Papinayakanahalli, Hosapete taluk, Vijayanagara district. 28) Thippamma wife of H.Thippeswamy, aged about 53 years, R/o Gundlavaddiere village, Kakubal post, Hosapete taluk, Vijayanagara district. 29) Lakshmidevi HD W/o H D Kenchappa, aged about 50 years, R/o 7th Ward, Ananthasayanagudi, Hosapete, Vijayanagara district, 30) Anklamma W/o Huluguppa, aged about 48 years, R/o Susheelnagara, Sandur taluk, Ballari district. 31) Kenchamma wife of Late Dodda Anklappa, aged about 70 years, 32) Sana Hanumakka wife of Duggappa, aged about 45 years, petitioner No.4 to 15, 17 to 21 26, 31 32 Vadrahalli village, Hosapete taluk have filed the petition under section 13(3) of Registration of birth and death Act, seeking the direction of this court to issue direction to the respondent to enter the date of death of Madigara Mestri Nagappa son of Late Huluguppa who died on 30/02/1945 at his residence at Vadrahalli village, Hosapete taluk, who is th grand father of petitioner No.1 to 3 father-in-law's father petitioner No.4, grand father of petitioner No. 5 grand father' brother of petitioner No. 5 to 17 father-in-law's grand father's of Petitioner No.18 to 12 grand father of petitioner No.13 to 17 father-in-law brother's of petitioner No.19 and 20 grand father of petitioner No.19 and 20 great grand fathers r brother of petitioner No 21 to 22 and great grand father of petitioner No.2 3 and 30 husband's great grand father petitioner No.31 and 32.
WHEREAS, if any persons interested with respect to the above proceedings are hereby noticed to appear in this court in person or by pleader duly able to answer all material question relating to the said petition on 22/11/2025 at about 11-00 A.M, otherwise the matter will be heard and determined.
Given under my hand and seal of this court on this 28th day of 10th 2025
From
H.Venkateshalu,
Advocate, Hosapete
By order of the court
Shirastedar
3rd Additional Civil Judge &
JMFC Court Hosapete
